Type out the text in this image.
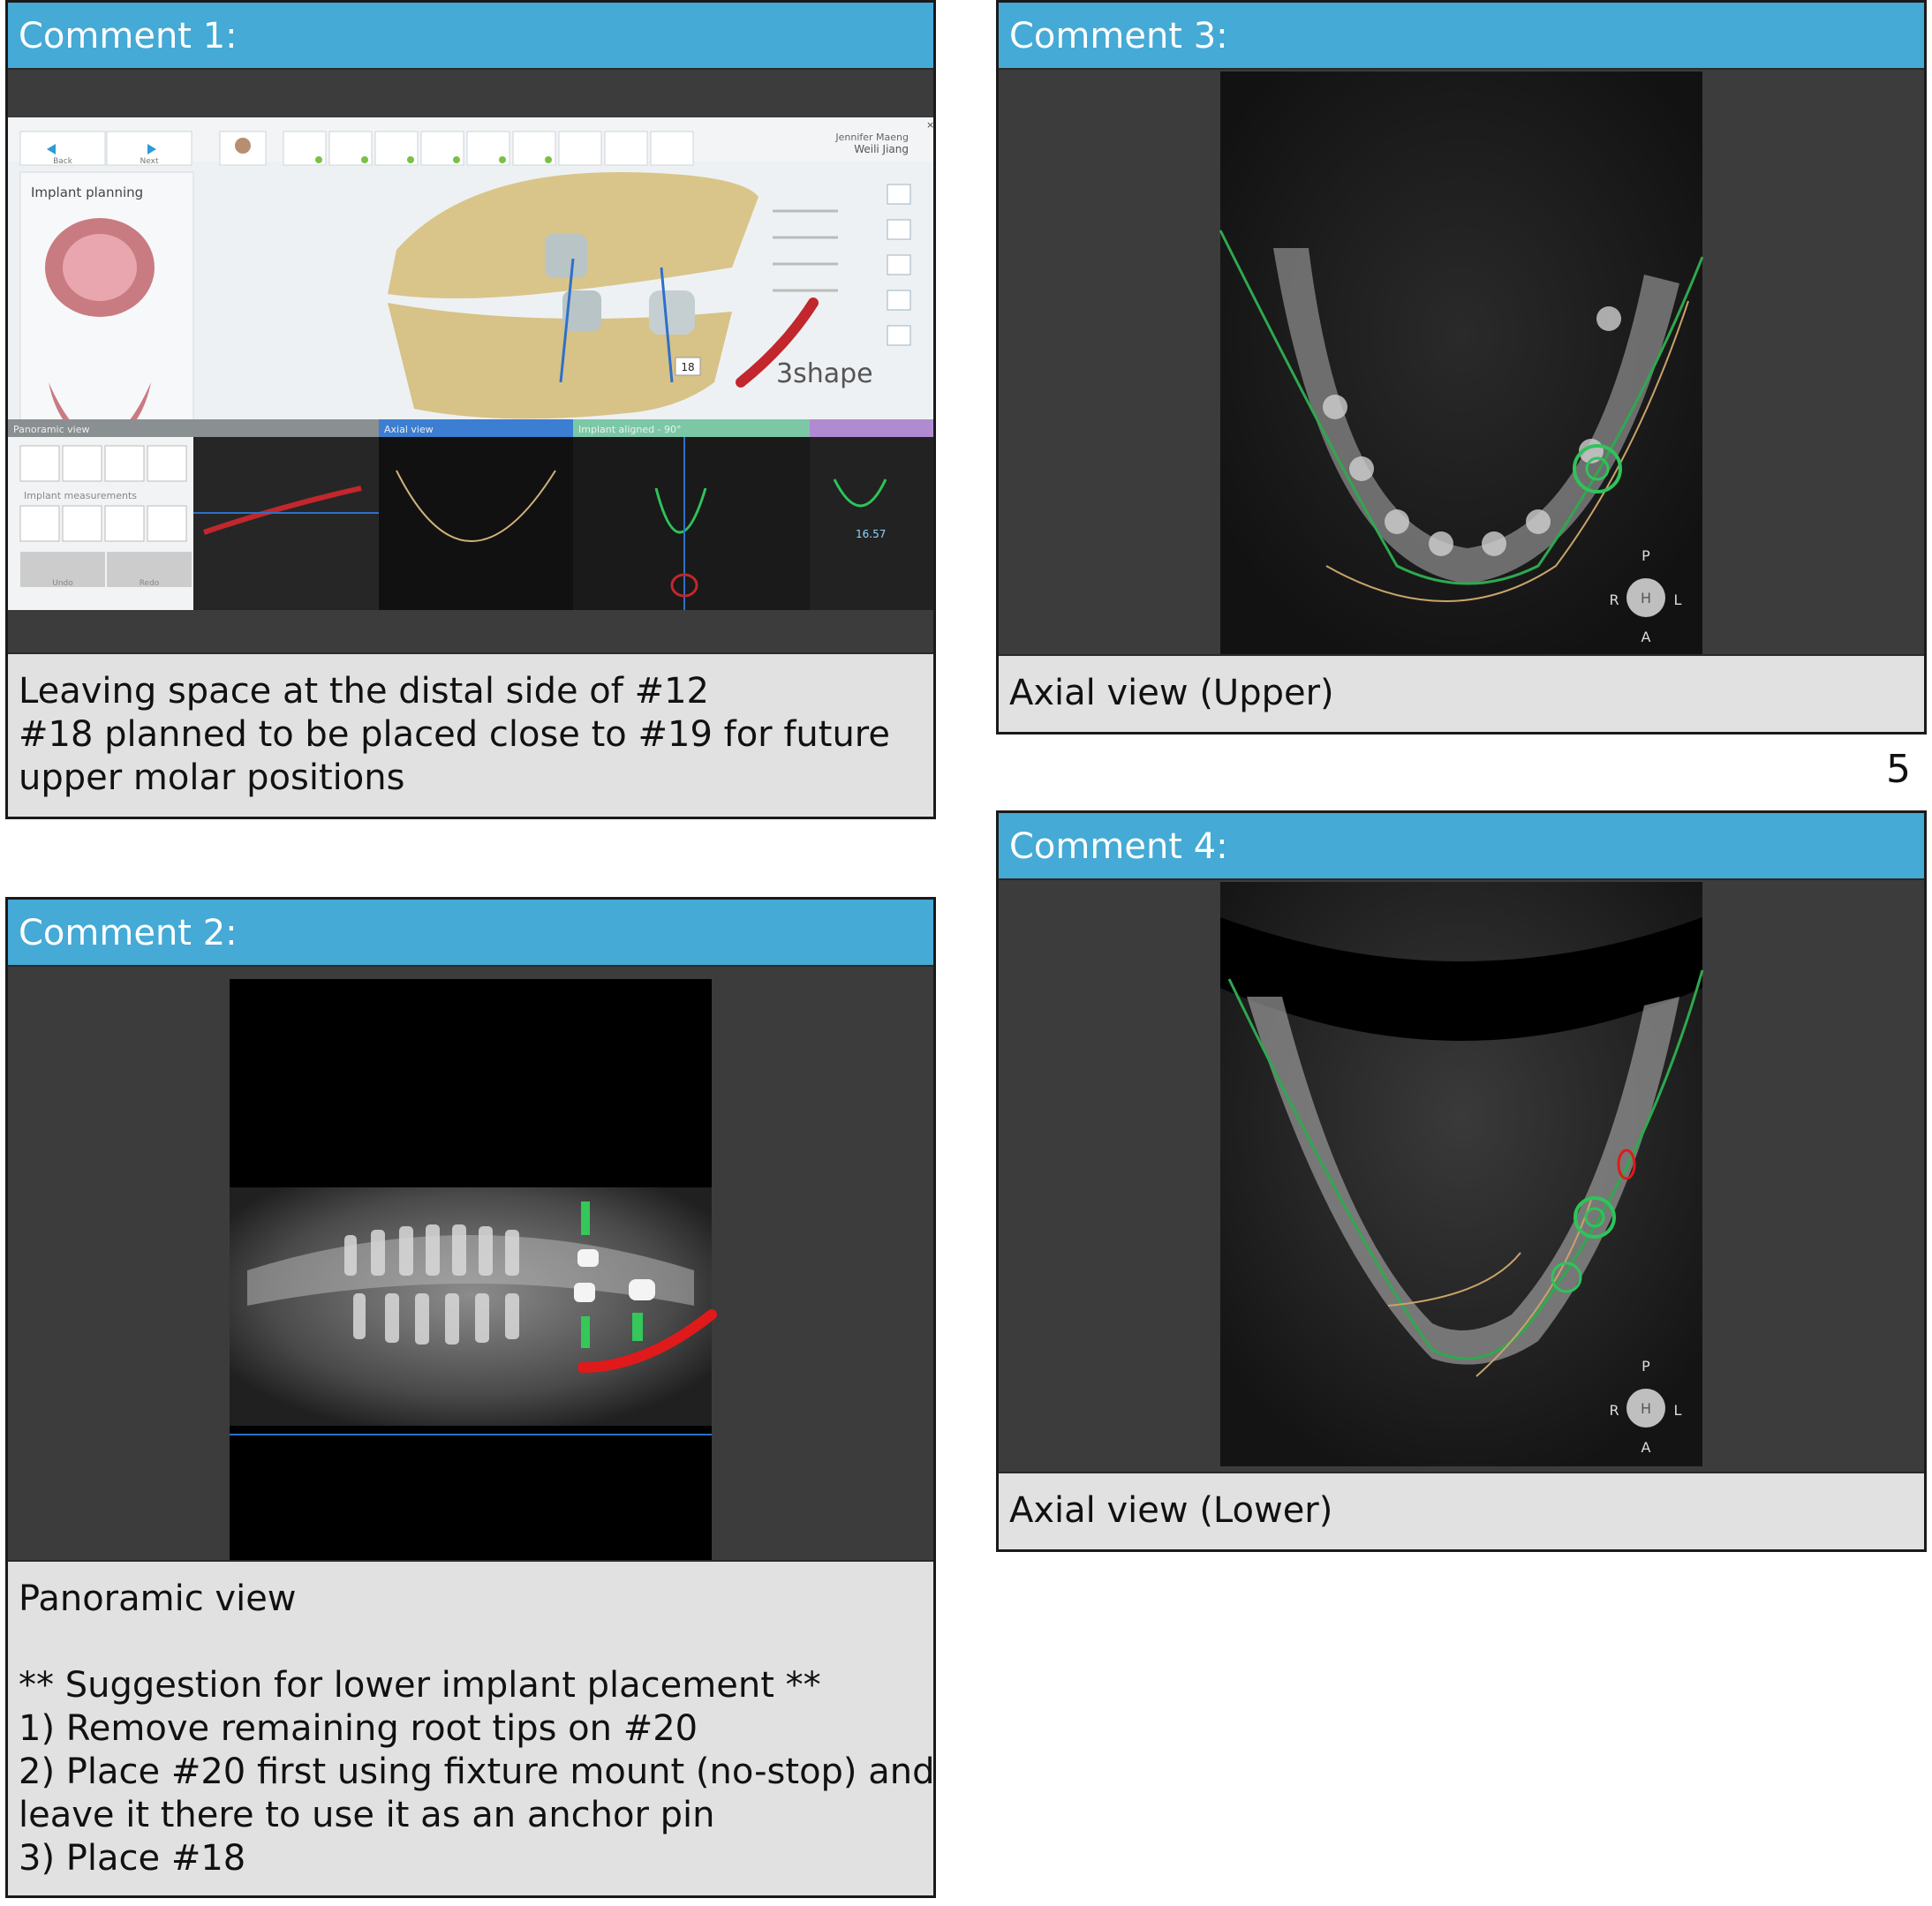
Comment 1:
Back	Next
Jennifer Maeng
Weili Jiang
×
Implant planning
18	3shape
Panoramic view	Axial view	Implant aligned - 90°
Implant measurements
Undo	Redo
16.57
Leaving space at the distal side of #12
#18 planned to be placed close to #19 for future
upper molar positions
Comment 2:
Panoramic view
** Suggestion for lower implant placement **
1) Remove remaining root tips on #20
2) Place #20 first using fixture mount (no-stop) and
leave it there to use it as an anchor pin
3) Place #18
Comment 3:
P
R H L
A
Axial view (Upper)
5
Comment 4:
P
R H L
A
Axial view (Lower)
